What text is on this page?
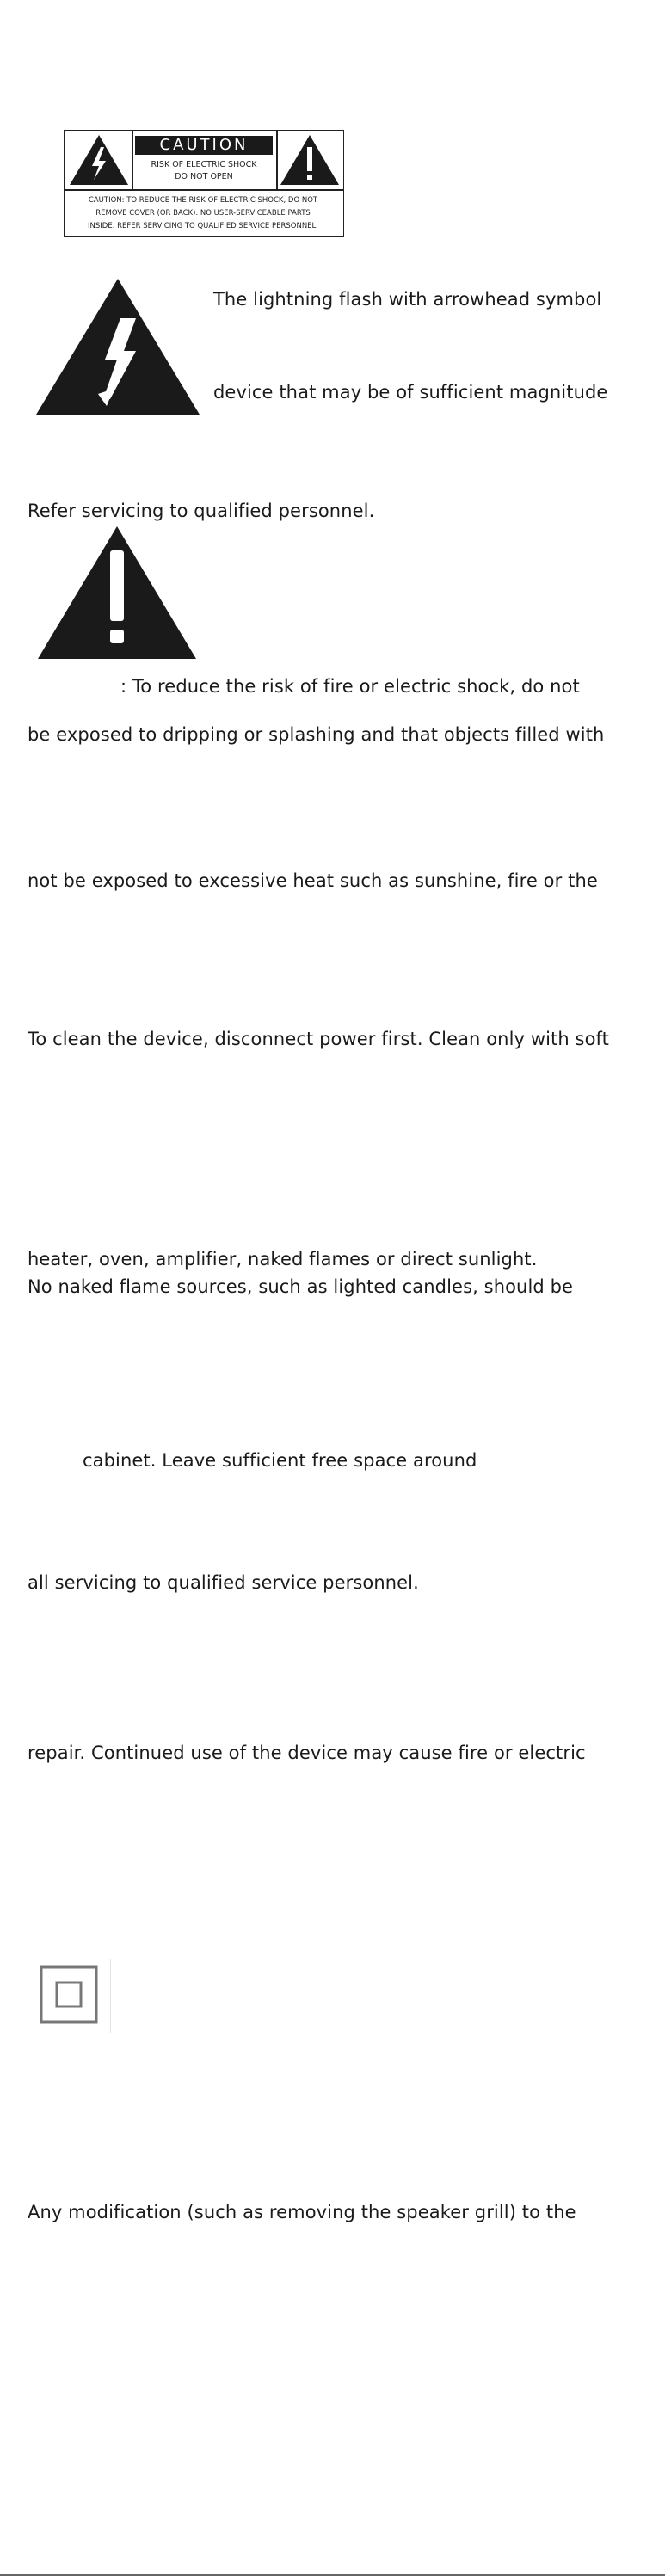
CAUTION
RISK OF ELECTRIC SHOCK
DO NOT OPEN
CAUTION: TO REDUCE THE RISK OF ELECTRIC SHOCK, DO NOT
REMOVE COVER (OR BACK). NO USER-SERVICEABLE PARTS
INSIDE. REFER SERVICING TO QUALIFIED SERVICE PERSONNEL.
The lightning flash with arrowhead symbol
device that may be of sufficient magnitude
Refer servicing to qualified personnel.
: To reduce the risk of fire or electric shock, do not
be exposed to dripping or splashing and that objects filled with
not be exposed to excessive heat such as sunshine, fire or the
To clean the device, disconnect power first. Clean only with soft
heater, oven, amplifier, naked flames or direct sunlight.
No naked flame sources, such as lighted candles, should be
cabinet. Leave sufficient free space around
all servicing to qualified service personnel.
repair. Continued use of the device may cause fire or electric
Any modification (such as removing the speaker grill) to the
